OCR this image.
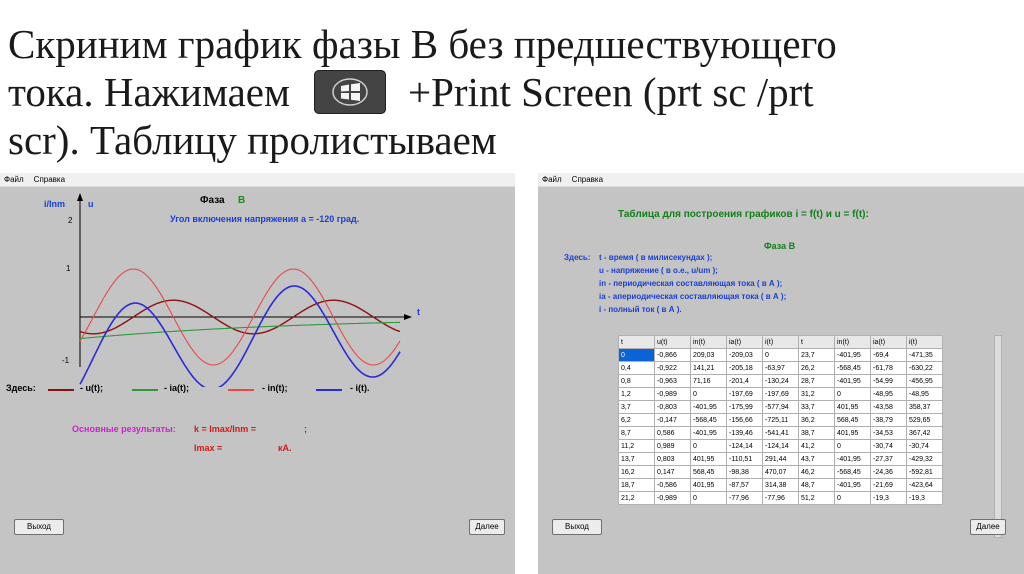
Скриним график фазы В без предшествующего
тока. Нажимаем	+Print Screen (prt sc /prt
scr). Таблицу пролистываем
Файл Справка
Фаза В
Угол включения напряжения a = -120 град.
2
1
-1
i/Inm	u
t
Здесь:	- u(t);	- ia(t);	- in(t);	- i(t).
Основные результаты: k = Imax/Inm =	;
Imax =	кА.
Выход	Далее
Файл Справка
Таблица для построения графиков i = f(t) и u = f(t):
Фаза В
Здесь: t - время ( в милисекундах );
u - напряжение ( в о.е., u/um );
in - периодическая составляющая тока ( в А );
ia - апериодическая составляющая тока ( в А );
i - полный ток ( в А ).
t	u(t)	in(t)	ia(t)	i(t)	t	in(t)	ia(t)	i(t)
0	-0,866	209,03	-209,03	0	23,7	-401,95	-69,4	-471,35
0,4	-0,922	141,21	-205,18	-63,97	26,2	-568,45	-61,78	-630,22
0,8	-0,963	71,16	-201,4	-130,24	28,7	-401,95	-54,99	-456,95
1,2	-0,989	0	-197,69	-197,69	31,2	0	-48,95	-48,95
3,7	-0,803	-401,95	-175,99	-577,94	33,7	401,95	-43,58	358,37
6,2	-0,147	-568,45	-156,66	-725,11	36,2	568,45	-38,79	529,65
8,7	0,586	-401,95	-139,46	-541,41	38,7	401,95	-34,53	367,42
11,2	0,989	0	-124,14	-124,14	41,2	0	-30,74	-30,74
13,7	0,803	401,95	-110,51	291,44	43,7	-401,95	-27,37	-429,32
16,2	0,147	568,45	-98,38	470,07	46,2	-568,45	-24,36	-592,81
18,7	-0,586	401,95	-87,57	314,38	48,7	-401,95	-21,69	-423,64
21,2	-0,989	0	-77,96	-77,96	51,2	0	-19,3	-19,3
Выход	Далее
